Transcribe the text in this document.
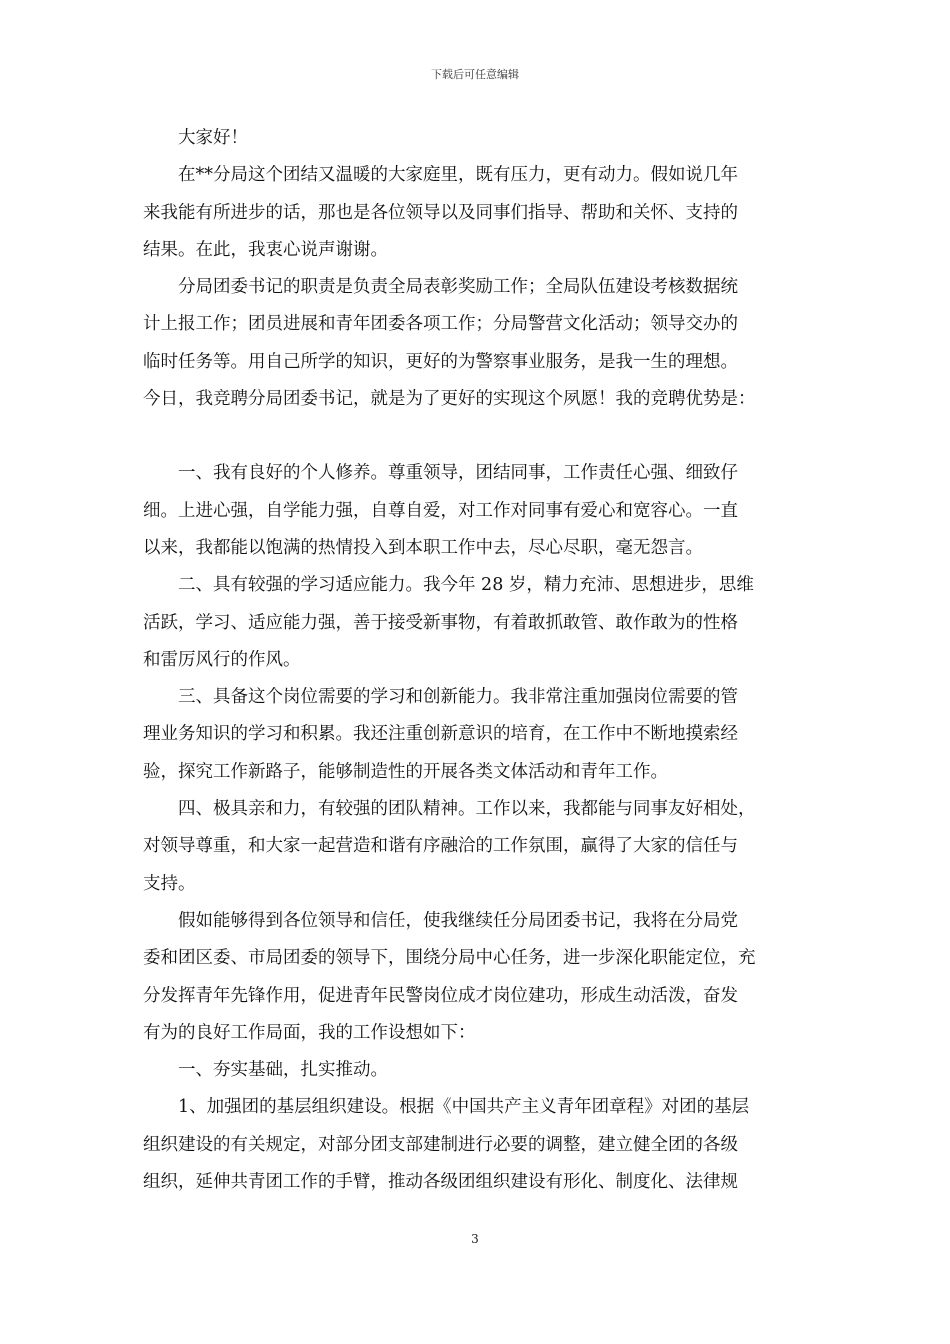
下载后可任意编辑

大家好！

在**分局这个团结又温暖的大家庭里，既有压力，更有动力。假如说几年
来我能有所进步的话，那也是各位领导以及同事们指导、帮助和关怀、支持的
结果。在此，我衷心说声谢谢。

分局团委书记的职责是负责全局表彰奖励工作；全局队伍建设考核数据统
计上报工作；团员进展和青年团委各项工作；分局警营文化活动；领导交办的
临时任务等。用自己所学的知识，更好的为警察事业服务，是我一生的理想。
今日，我竞聘分局团委书记，就是为了更好的实现这个夙愿！我的竞聘优势是：

一、我有良好的个人修养。尊重领导，团结同事，工作责任心强、细致仔
细。上进心强，自学能力强，自尊自爱，对工作对同事有爱心和宽容心。一直
以来，我都能以饱满的热情投入到本职工作中去，尽心尽职，毫无怨言。

二、具有较强的学习适应能力。我今年 28 岁，精力充沛、思想进步，思维
活跃，学习、适应能力强，善于接受新事物，有着敢抓敢管、敢作敢为的性格
和雷厉风行的作风。

三、具备这个岗位需要的学习和创新能力。我非常注重加强岗位需要的管
理业务知识的学习和积累。我还注重创新意识的培育，在工作中不断地摸索经
验，探究工作新路子，能够制造性的开展各类文体活动和青年工作。

四、极具亲和力，有较强的团队精神。工作以来，我都能与同事友好相处，
对领导尊重，和大家一起营造和谐有序融洽的工作氛围，赢得了大家的信任与
支持。

假如能够得到各位领导和信任，使我继续任分局团委书记，我将在分局党
委和团区委、市局团委的领导下，围绕分局中心任务，进一步深化职能定位，充
分发挥青年先锋作用，促进青年民警岗位成才岗位建功，形成生动活泼，奋发
有为的良好工作局面，我的工作设想如下：

一、夯实基础，扎实推动。

1、加强团的基层组织建设。根据《中国共产主义青年团章程》对团的基层
组织建设的有关规定，对部分团支部建制进行必要的调整，建立健全团的各级
组织，延伸共青团工作的手臂，推动各级团组织建设有形化、制度化、法律规

3
